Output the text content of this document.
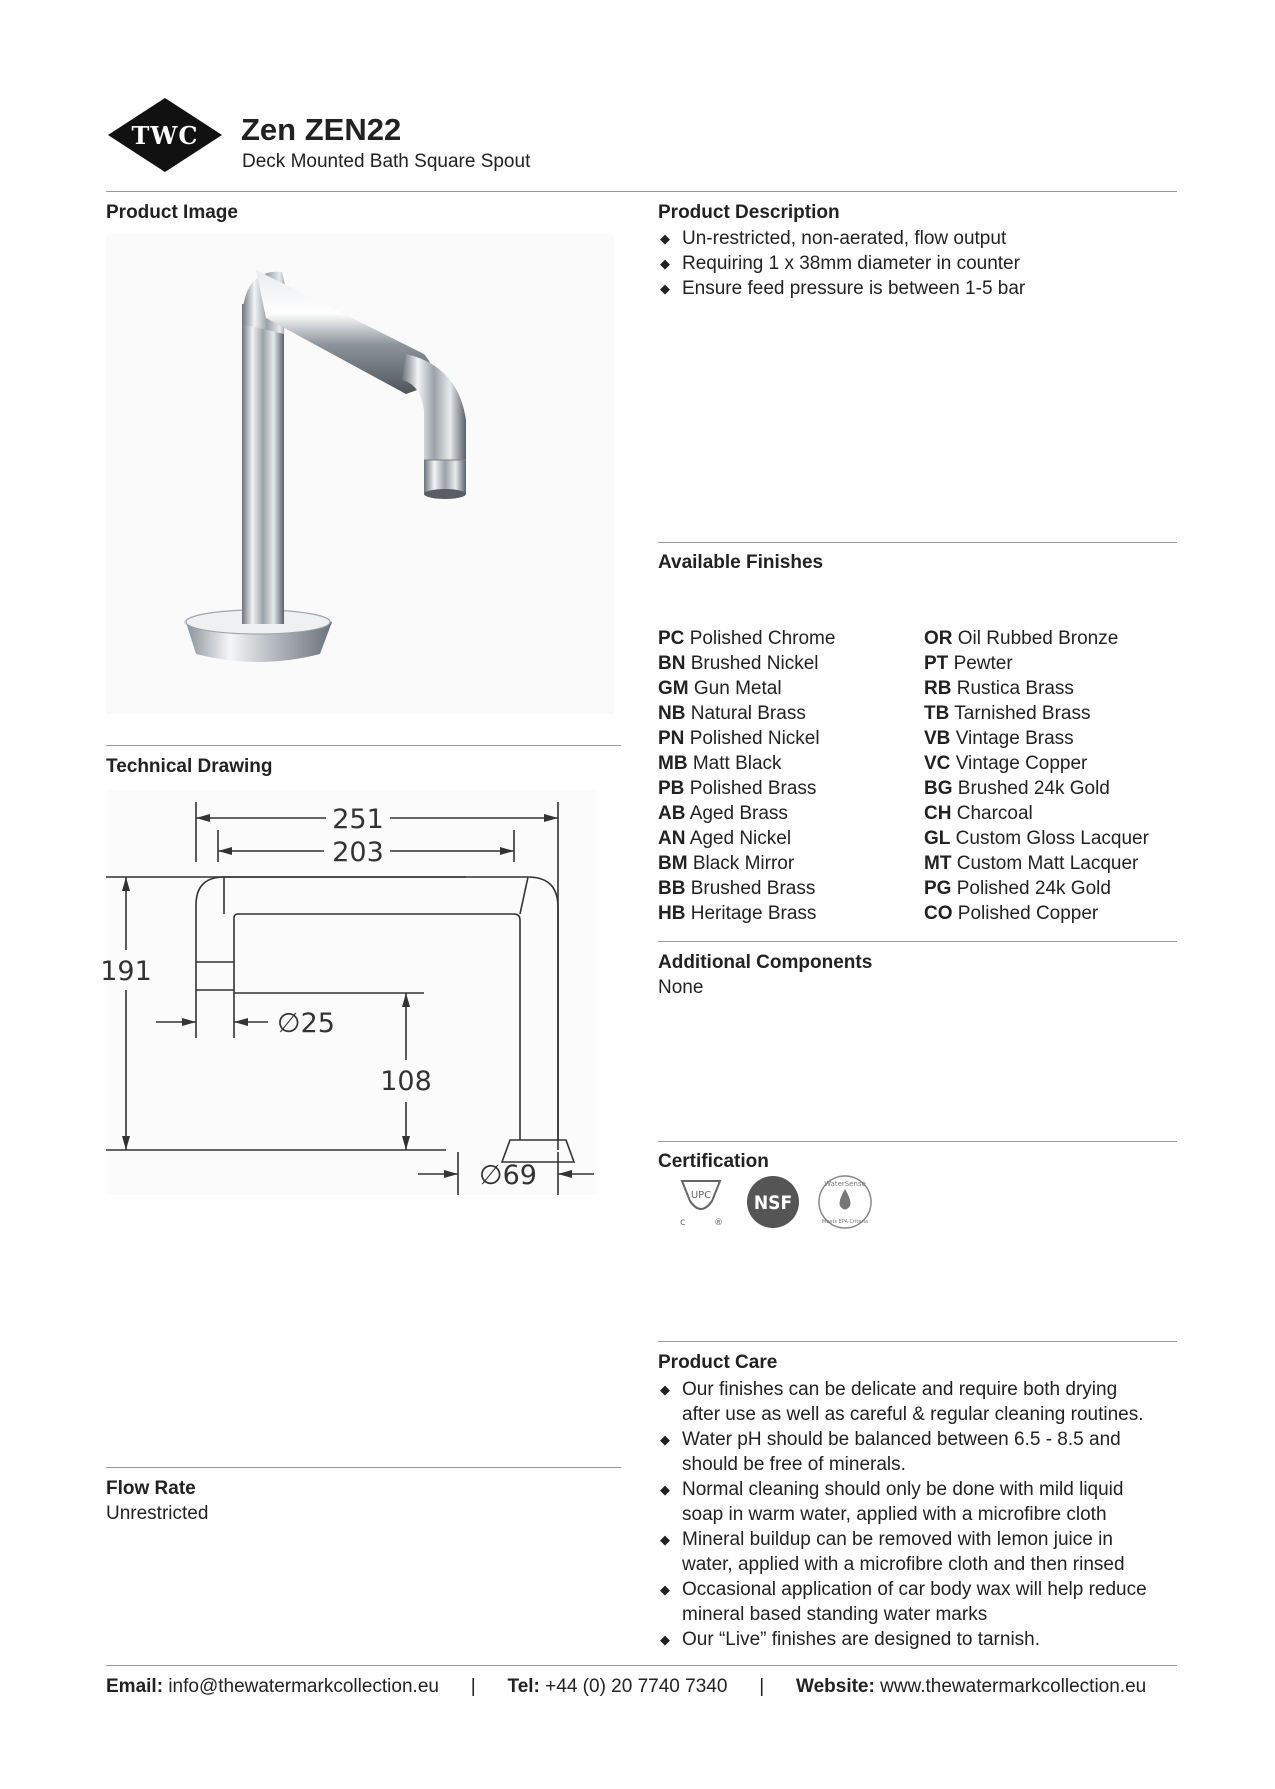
TWC Zen ZEN22
Deck Mounted Bath Square Spout
Product Image
Technical Drawing
251
203
191
∅25
108
∅69
Flow Rate
Unrestricted
Product Description
◆ Un-restricted, non-aerated, flow output
◆ Requiring 1 x 38mm diameter in counter
◆ Ensure feed pressure is between 1-5 bar
Available Finishes
PC Polished Chrome
BN Brushed Nickel
GM Gun Metal
NB Natural Brass
PN Polished Nickel
MB Matt Black
PB Polished Brass
AB Aged Brass
AN Aged Nickel
BM Black Mirror
BB Brushed Brass
HB Heritage Brass
OR Oil Rubbed Bronze
PT Pewter
RB Rustica Brass
TB Tarnished Brass
VB Vintage Brass
VC Vintage Copper
BG Brushed 24k Gold
CH Charcoal
GL Custom Gloss Lacquer
MT Custom Matt Lacquer
PG Polished 24k Gold
CO Polished Copper
Additional Components
None
Certification
UPC
c	®
NSF
WaterSense
Meets EPA Criteria
Product Care
◆ Our finishes can be delicate and require both drying
after use as well as careful & regular cleaning routines.
◆ Water pH should be balanced between 6.5 - 8.5 and
should be free of minerals.
◆ Normal cleaning should only be done with mild liquid
soap in warm water, applied with a microfibre cloth
◆ Mineral buildup can be removed with lemon juice in
water, applied with a microfibre cloth and then rinsed
◆ Occasional application of car body wax will help reduce
mineral based standing water marks
◆ Our “Live” finishes are designed to tarnish.
Email: info@thewatermarkcollection.eu | Tel: +44 (0) 20 7740 7340 | Website: www.thewatermarkcollection.eu
